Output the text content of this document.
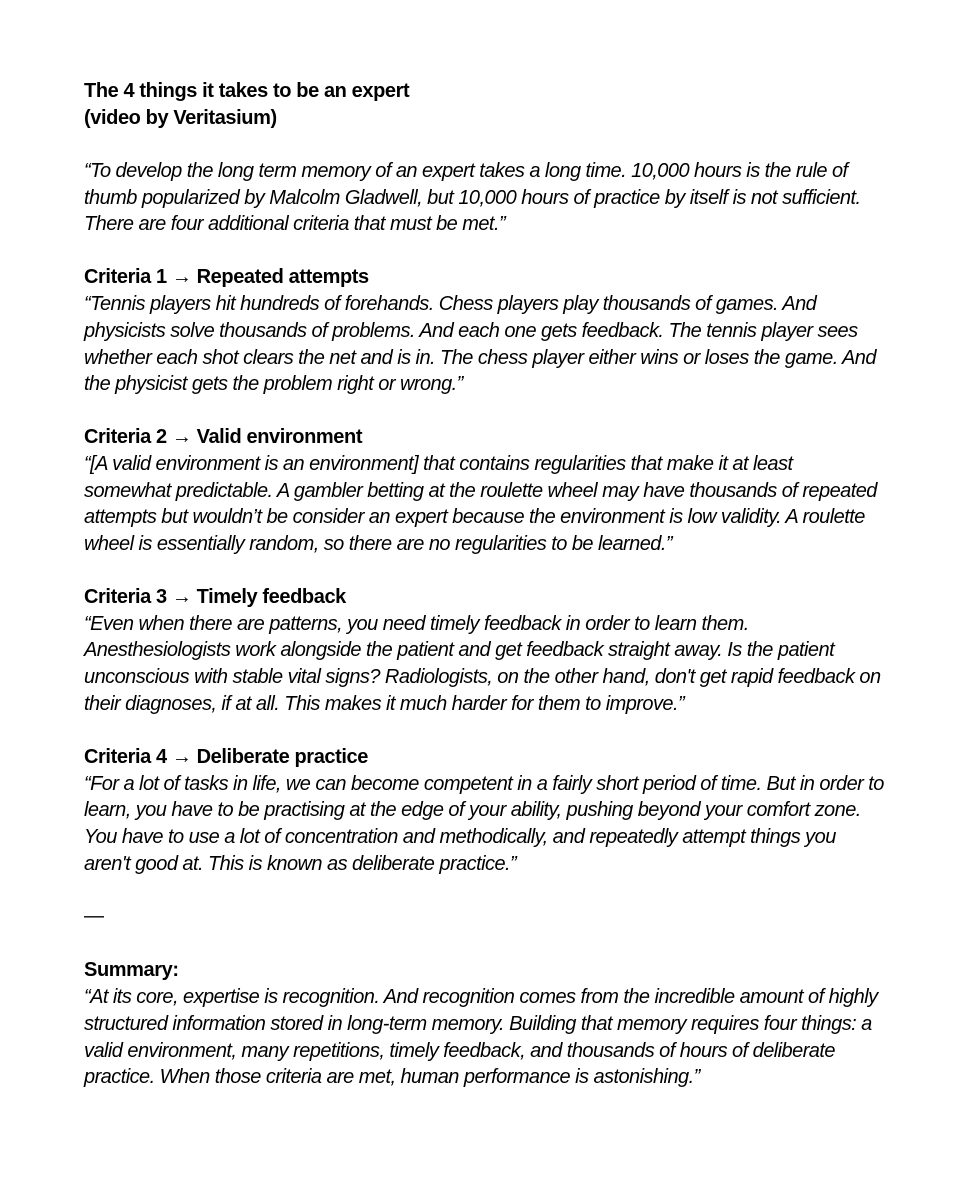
The 4 things it takes to be an expert
(video by Veritasium)

“To develop the long term memory of an expert takes a long time. 10,000 hours is the rule of thumb popularized by Malcolm Gladwell, but 10,000 hours of practice by itself is not sufficient. There are four additional criteria that must be met.”

Criteria 1 → Repeated attempts

“Tennis players hit hundreds of forehands. Chess players play thousands of games. And physicists solve thousands of problems. And each one gets feedback. The tennis player sees whether each shot clears the net and is in. The chess player either wins or loses the game. And the physicist gets the problem right or wrong.”

Criteria 2 → Valid environment

“[A valid environment is an environment] that contains regularities that make it at least somewhat predictable. A gambler betting at the roulette wheel may have thousands of repeated attempts but wouldn’t be consider an expert because the environment is low validity. A roulette wheel is essentially random, so there are no regularities to be learned.”

Criteria 3 → Timely feedback

“Even when there are patterns, you need timely feedback in order to learn them. Anesthesiologists work alongside the patient and get feedback straight away. Is the patient unconscious with stable vital signs? Radiologists, on the other hand, don't get rapid feedback on their diagnoses, if at all. This makes it much harder for them to improve.”

Criteria 4 → Deliberate practice

“For a lot of tasks in life, we can become competent in a fairly short period of time. But in order to learn, you have to be practising at the edge of your ability, pushing beyond your comfort zone. You have to use a lot of concentration and methodically, and repeatedly attempt things you aren't good at. This is known as deliberate practice.”

—

Summary:

“At its core, expertise is recognition. And recognition comes from the incredible amount of highly structured information stored in long-term memory. Building that memory requires four things: a valid environment, many repetitions, timely feedback, and thousands of hours of deliberate practice. When those criteria are met, human performance is astonishing.”
